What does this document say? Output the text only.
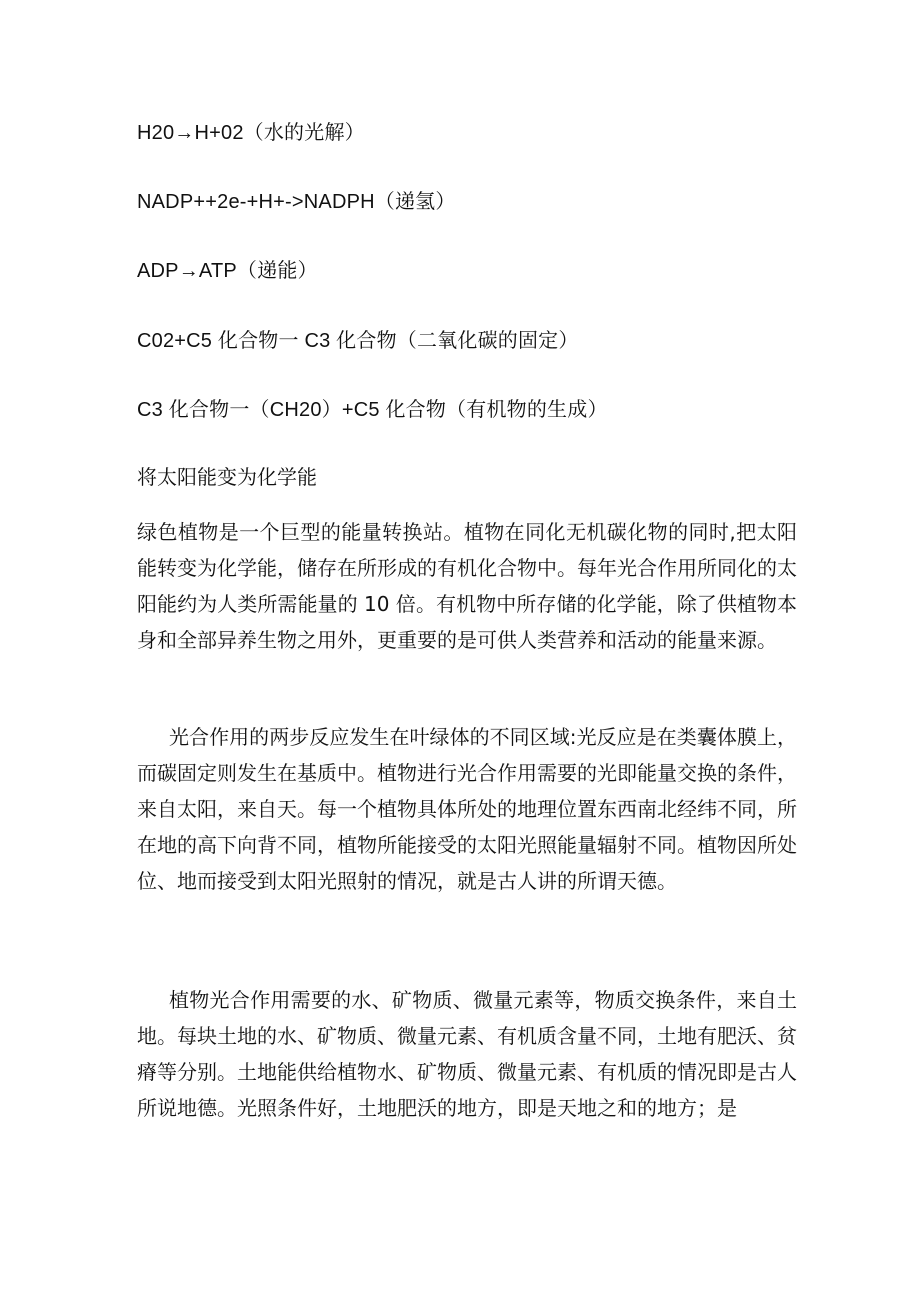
H20→H+02（水的光解）
NADP++2e-+H+->NADPH（递氢）
ADP→ATP（递能）
C02+C5 化合物一 C3 化合物（二氧化碳的固定）
C3 化合物一（CH20）+C5 化合物（有机物的生成）
将太阳能变为化学能

绿色植物是一个巨型的能量转换站。植物在同化无机碳化物的同时,把太阳能转变为化学能，储存在所形成的有机化合物中。每年光合作用所同化的太阳能约为人类所需能量的 10 倍。有机物中所存储的化学能，除了供植物本身和全部异养生物之用外，更重要的是可供人类营养和活动的能量来源。

光合作用的两步反应发生在叶绿体的不同区域:光反应是在类囊体膜上，而碳固定则发生在基质中。植物进行光合作用需要的光即能量交换的条件，来自太阳，来自天。每一个植物具体所处的地理位置东西南北经纬不同，所在地的高下向背不同，植物所能接受的太阳光照能量辐射不同。植物因所处位、地而接受到太阳光照射的情况，就是古人讲的所谓天德。

植物光合作用需要的水、矿物质、微量元素等，物质交换条件，来自土地。每块土地的水、矿物质、微量元素、有机质含量不同，土地有肥沃、贫瘠等分别。土地能供给植物水、矿物质、微量元素、有机质的情况即是古人所说地德。光照条件好，土地肥沃的地方，即是天地之和的地方；是
